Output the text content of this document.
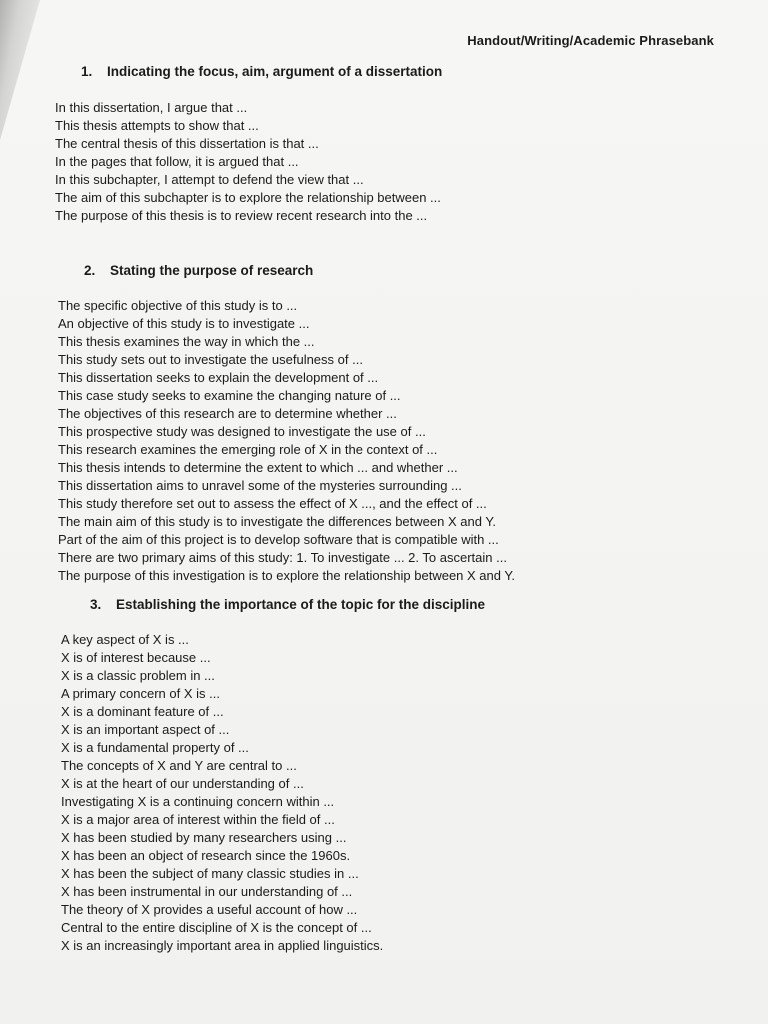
Handout/Writing/Academic Phrasebank
1. Indicating the focus, aim, argument of a dissertation
In this dissertation, I argue that ...
This thesis attempts to show that ...
The central thesis of this dissertation is that ...
In the pages that follow, it is argued that ...
In this subchapter, I attempt to defend the view that ...
The aim of this subchapter is to explore the relationship between ...
The purpose of this thesis is to review recent research into the ...
2. Stating the purpose of research
The specific objective of this study is to ...
An objective of this study is to investigate ...
This thesis examines the way in which the ...
This study sets out to investigate the usefulness of ...
This dissertation seeks to explain the development of ...
This case study seeks to examine the changing nature of ...
The objectives of this research are to determine whether ...
This prospective study was designed to investigate the use of ...
This research examines the emerging role of X in the context of ...
This thesis intends to determine the extent to which ... and whether ...
This dissertation aims to unravel some of the mysteries surrounding ...
This study therefore set out to assess the effect of X ..., and the effect of ...
The main aim of this study is to investigate the differences between X and Y.
Part of the aim of this project is to develop software that is compatible with ...
There are two primary aims of this study: 1. To investigate ... 2. To ascertain ...
The purpose of this investigation is to explore the relationship between X and Y.
3. Establishing the importance of the topic for the discipline
A key aspect of X is ...
X is of interest because ...
X is a classic problem in ...
A primary concern of X is ...
X is a dominant feature of ...
X is an important aspect of ...
X is a fundamental property of ...
The concepts of X and Y are central to ...
X is at the heart of our understanding of ...
Investigating X is a continuing concern within ...
X is a major area of interest within the field of ...
X has been studied by many researchers using ...
X has been an object of research since the 1960s.
X has been the subject of many classic studies in ...
X has been instrumental in our understanding of ...
The theory of X provides a useful account of how ...
Central to the entire discipline of X is the concept of ...
X is an increasingly important area in applied linguistics.
